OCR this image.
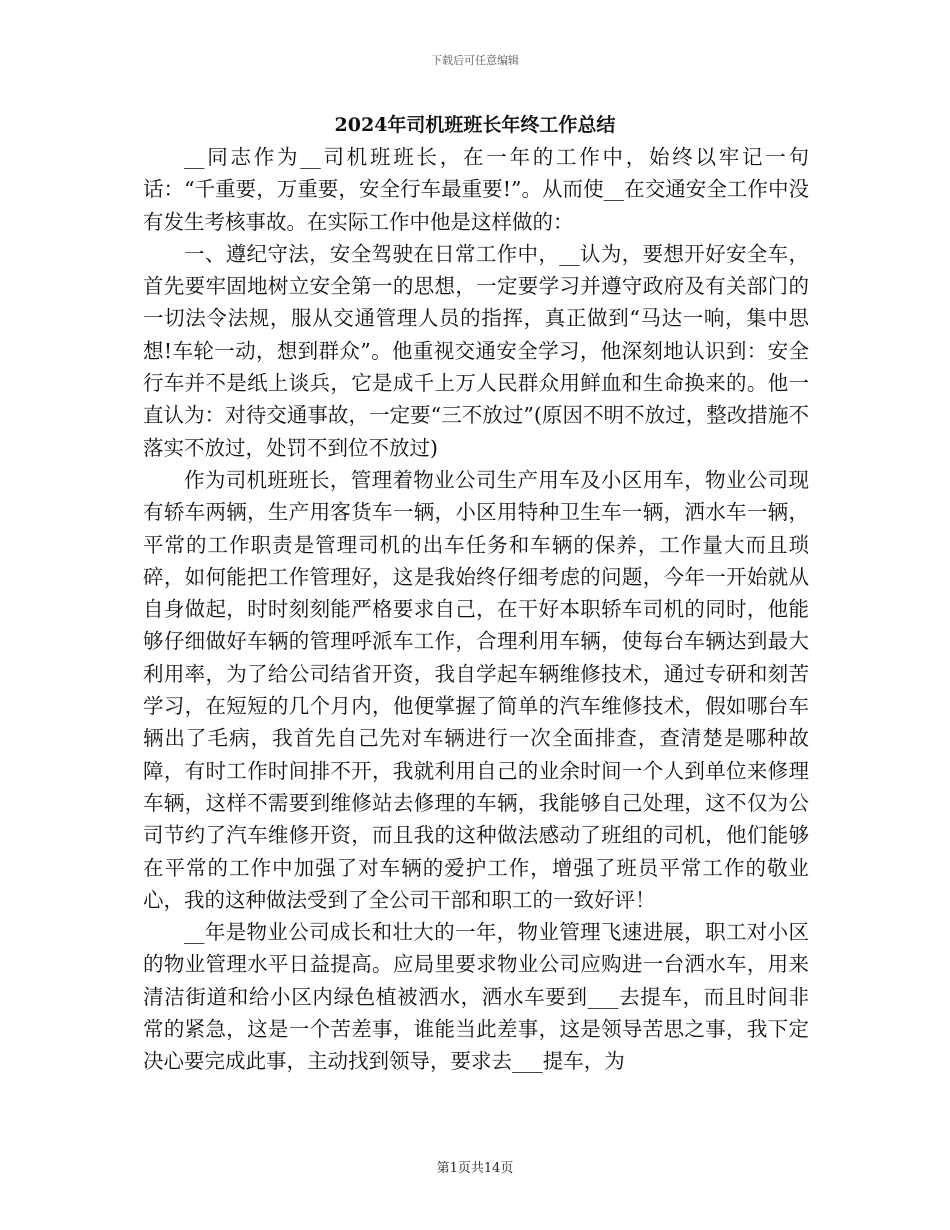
下载后可任意编辑
2024年司机班班长年终工作总结

__同志作为__司机班班长，在一年的工作中，始终以牢记一句话：“千重要，万重要，安全行车最重要!”。从而使__在交通安全工作中没有发生考核事故。在实际工作中他是这样做的：

一、遵纪守法，安全驾驶在日常工作中，__认为，要想开好安全车，首先要牢固地树立安全第一的思想，一定要学习并遵守政府及有关部门的一切法令法规，服从交通管理人员的指挥，真正做到“马达一响，集中思想!车轮一动，想到群众”。他重视交通安全学习，他深刻地认识到：安全行车并不是纸上谈兵，它是成千上万人民群众用鲜血和生命换来的。他一直认为：对待交通事故，一定要“三不放过”(原因不明不放过，整改措施不落实不放过，处罚不到位不放过)

作为司机班班长，管理着物业公司生产用车及小区用车，物业公司现有轿车两辆，生产用客货车一辆，小区用特种卫生车一辆，洒水车一辆，平常的工作职责是管理司机的出车任务和车辆的保养，工作量大而且琐碎，如何能把工作管理好，这是我始终仔细考虑的问题，今年一开始就从自身做起，时时刻刻能严格要求自己，在干好本职轿车司机的同时，他能够仔细做好车辆的管理呼派车工作，合理利用车辆，使每台车辆达到最大利用率，为了给公司结省开资，我自学起车辆维修技术，通过专研和刻苦学习，在短短的几个月内，他便掌握了简单的汽车维修技术，假如哪台车辆出了毛病，我首先自己先对车辆进行一次全面排查，查清楚是哪种故障，有时工作时间排不开，我就利用自己的业余时间一个人到单位来修理车辆，这样不需要到维修站去修理的车辆，我能够自己处理，这不仅为公司节约了汽车维修开资，而且我的这种做法感动了班组的司机，他们能够在平常的工作中加强了对车辆的爱护工作，增强了班员平常工作的敬业心，我的这种做法受到了全公司干部和职工的一致好评！

__年是物业公司成长和壮大的一年，物业管理飞速进展，职工对小区的物业管理水平日益提高。应局里要求物业公司应购进一台洒水车，用来清洁街道和给小区内绿色植被洒水，洒水车要到___去提车，而且时间非常的紧急，这是一个苦差事，谁能当此差事，这是领导苦思之事，我下定决心要完成此事，主动找到领导，要求去___提车，为

第1页共14页
